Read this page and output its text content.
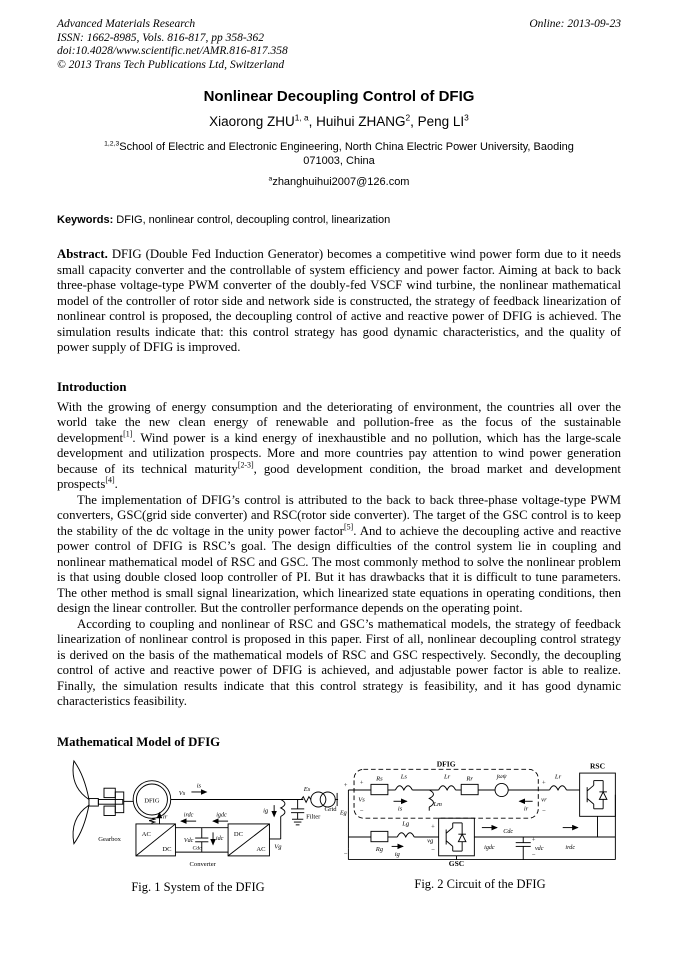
Advanced Materials Research
ISSN: 1662-8985, Vols. 816-817, pp 358-362
doi:10.4028/www.scientific.net/AMR.816-817.358
© 2013 Trans Tech Publications Ltd, Switzerland
Online: 2013-09-23
Nonlinear Decoupling Control of DFIG
Xiaorong ZHU$^{1, a}$, Huihui ZHANG$^2$, Peng $LI^3$
$^{1,2,3}$School of Electric and Electronic Engineering, North China Electric Power University, Baoding
071003, China
$^a$zhanghuihui2007@126.com
Keywords: DFIG, nonlinear control, decoupling control, linearization

Abstract. DFIG (Double Fed Induction Generator) becomes a competitive wind power form due to it needs small capacity converter and the controllable of system efficiency and power factor. Aiming at back to back three-phase voltage-type PWM converter of the doubly-fed VSCF wind turbine, the nonlinear mathematical model of the controller of rotor side and network side is constructed, the strategy of feedback linearization of nonlinear control is proposed, the decoupling control of active and reactive power of DFIG is achieved. The simulation results indicate that: this control strategy has good dynamic characteristics, and the quality of power supply of DFIG is improved.

Introduction

With the growing of energy consumption and the deteriorating of environment, the countries all over the world take the new clean energy of renewable and pollution-free as the focus of the sustainable development[1]. Wind power is a kind energy of inexhaustible and no pollution, which has the large-scale development and utilization prospects. More and more countries pay attention to wind power generation because of its technical maturity[2-3], good development condition, the broad market and development prospects[4].

The implementation of DFIG’s control is attributed to the back to back three-phase voltage-type PWM converters, GSC(grid side converter) and RSC(rotor side converter). The target of the GSC control is to keep the stability of the dc voltage in the unity power factor[5]. And to achieve the decoupling active and reactive power control of DFIG is RSC’s goal. The design difficulties of the control system lie in coupling and nonlinear mathematical model of RSC and GSC. The most commonly method to solve the nonlinear problem is that using double closed loop controller of PI. But it has drawbacks that it is difficult to tune parameters. The other method is small signal linearization, which linearized state equations in operating conditions, then design the linear controller. But the controller performance depends on the operating point.

According to coupling and nonlinear of RSC and GSC’s mathematical models, the strategy of feedback linearization of nonlinear control is proposed in this paper. First of all, nonlinear decoupling control strategy is derived on the basis of the mathematical models of RSC and GSC respectively. Secondly, the decoupling control of active and reactive power of DFIG is achieved, and adjustable power factor is able to realize. Finally, the simulation results indicate that this control strategy is feasibility, and it has good dynamic characteristics feasibility.

Mathematical Model of DFIG
Gearbox
DFIG
Vs
is
ig
ir
Es
Filter
Grid
AC
DC
DC
AC
Vdc
Cdc
idc
irdc	igdc
Vg
Converter
Fig. 1 System of the DFIG
+
Eg
−
+
Vs
−
Rs	Ls
is
Lm
Lr Rr	jωψ
ir
DFIG
+
vr
−
Lr
RSC
Rg
ig
Lg	+
vg
−
GSC
igdc
Cdc
+
vdc
−
irdc
Fig. 2 Circuit of the DFIG
